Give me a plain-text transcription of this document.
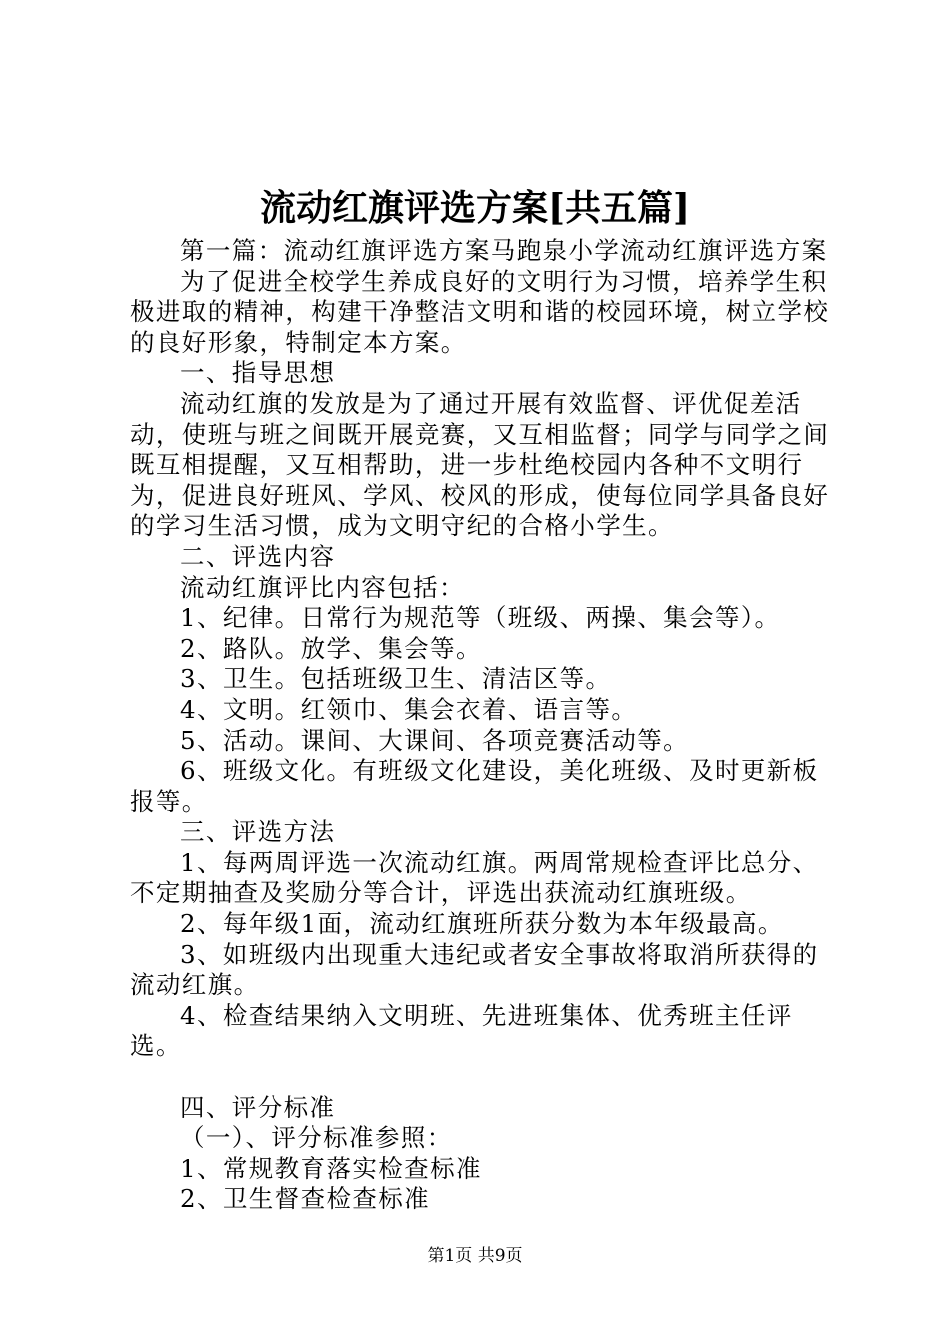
流动红旗评选方案[共五篇]

第一篇：流动红旗评选方案马跑泉小学流动红旗评选方案

为了促进全校学生养成良好的文明行为习惯，培养学生积极进取的精神，构建干净整洁文明和谐的校园环境，树立学校的良好形象，特制定本方案。

一、指导思想

流动红旗的发放是为了通过开展有效监督、评优促差活动，使班与班之间既开展竞赛，又互相监督；同学与同学之间既互相提醒，又互相帮助，进一步杜绝校园内各种不文明行为，促进良好班风、学风、校风的形成，使每位同学具备良好的学习生活习惯，成为文明守纪的合格小学生。

二、评选内容

流动红旗评比内容包括：

1、纪律。日常行为规范等（班级、两操、集会等）。

2、路队。放学、集会等。

3、卫生。包括班级卫生、清洁区等。

4、文明。红领巾、集会衣着、语言等。

5、活动。课间、大课间、各项竞赛活动等。

6、班级文化。有班级文化建设，美化班级、及时更新板报等。

三、评选方法

1、每两周评选一次流动红旗。两周常规检查评比总分、不定期抽查及奖励分等合计，评选出获流动红旗班级。

2、每年级1面，流动红旗班所获分数为本年级最高。

3、如班级内出现重大违纪或者安全事故将取消所获得的流动红旗。

4、检查结果纳入文明班、先进班集体、优秀班主任评选。

四、评分标准

（一）、评分标准参照：

1、常规教育落实检查标准

2、卫生督查检查标准

第1页 共9页
